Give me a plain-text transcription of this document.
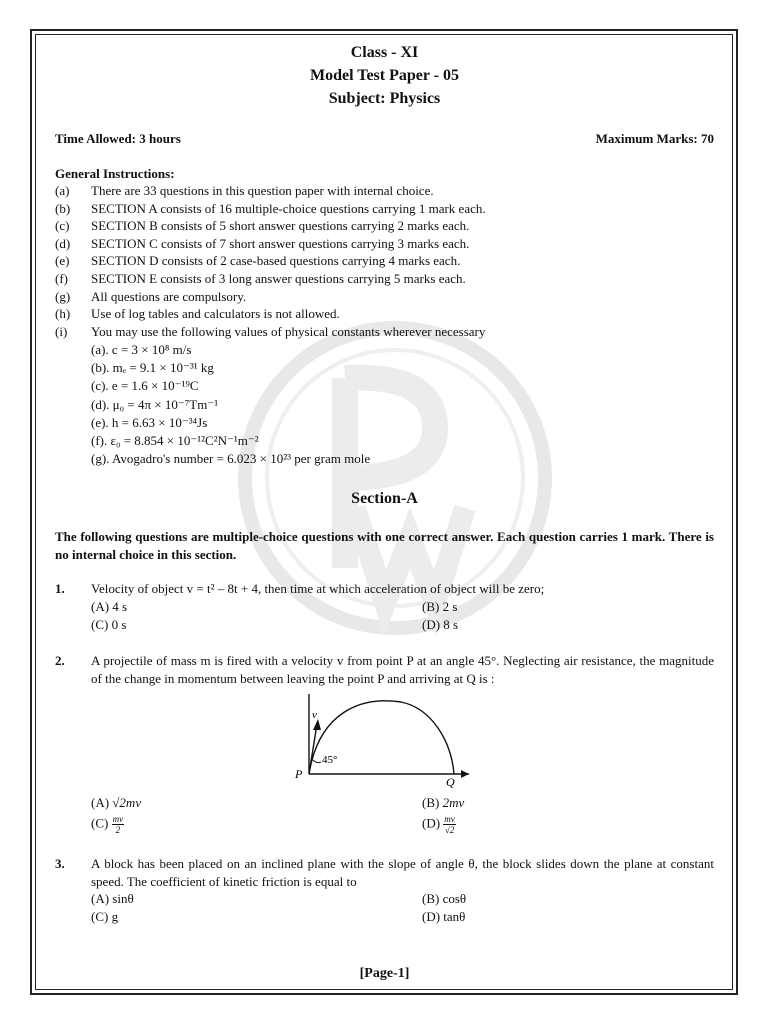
Class - XI
Model Test Paper - 05
Subject: Physics
Time Allowed: 3 hours	Maximum Marks: 70
General Instructions:
(a) There are 33 questions in this question paper with internal choice.
(b) SECTION A consists of 16 multiple-choice questions carrying 1 mark each.
(c) SECTION B consists of 5 short answer questions carrying 2 marks each.
(d) SECTION C consists of 7 short answer questions carrying 3 marks each.
(e) SECTION D consists of 2 case-based questions carrying 4 marks each.
(f) SECTION E consists of 3 long answer questions carrying 5 marks each.
(g) All questions are compulsory.
(h) Use of log tables and calculators is not allowed.
(i) You may use the following values of physical constants wherever necessary
(a). c = 3 × 10⁸ m/s
(b). mₑ = 9.1 × 10⁻³¹ kg
(c). e = 1.6 × 10⁻¹⁹C
(d). μ₀ = 4π × 10⁻⁷Tm⁻¹
(e). h = 6.63 × 10⁻³⁴Js
(f). ε₀ = 8.854 × 10⁻¹²C²N⁻¹m⁻²
(g). Avogadro's number = 6.023 × 10²³ per gram mole
Section-A
The following questions are multiple-choice questions with one correct answer. Each question carries 1 mark. There is no internal choice in this section.
1. Velocity of object v = t² – 8t + 4, then time at which acceleration of object will be zero;
(A) 4 s	(B) 2 s
(C) 0 s	(D) 8 s
2. A projectile of mass m is fired with a velocity v from point P at an angle 45°. Neglecting air resistance, the magnitude of the change in momentum between leaving the point P and arriving at Q is :
v
45°
P
Q
(A) √2mv	(B) 2mv
$(C) \frac{mv}{2}$	$(D) \frac{mv}{√2}$
3. A block has been placed on an inclined plane with the slope of angle θ, the block slides down the plane at constant speed. The coefficient of kinetic friction is equal to
(A) sinθ	(B) cosθ
(C) g	(D) tanθ
[Page-1]
